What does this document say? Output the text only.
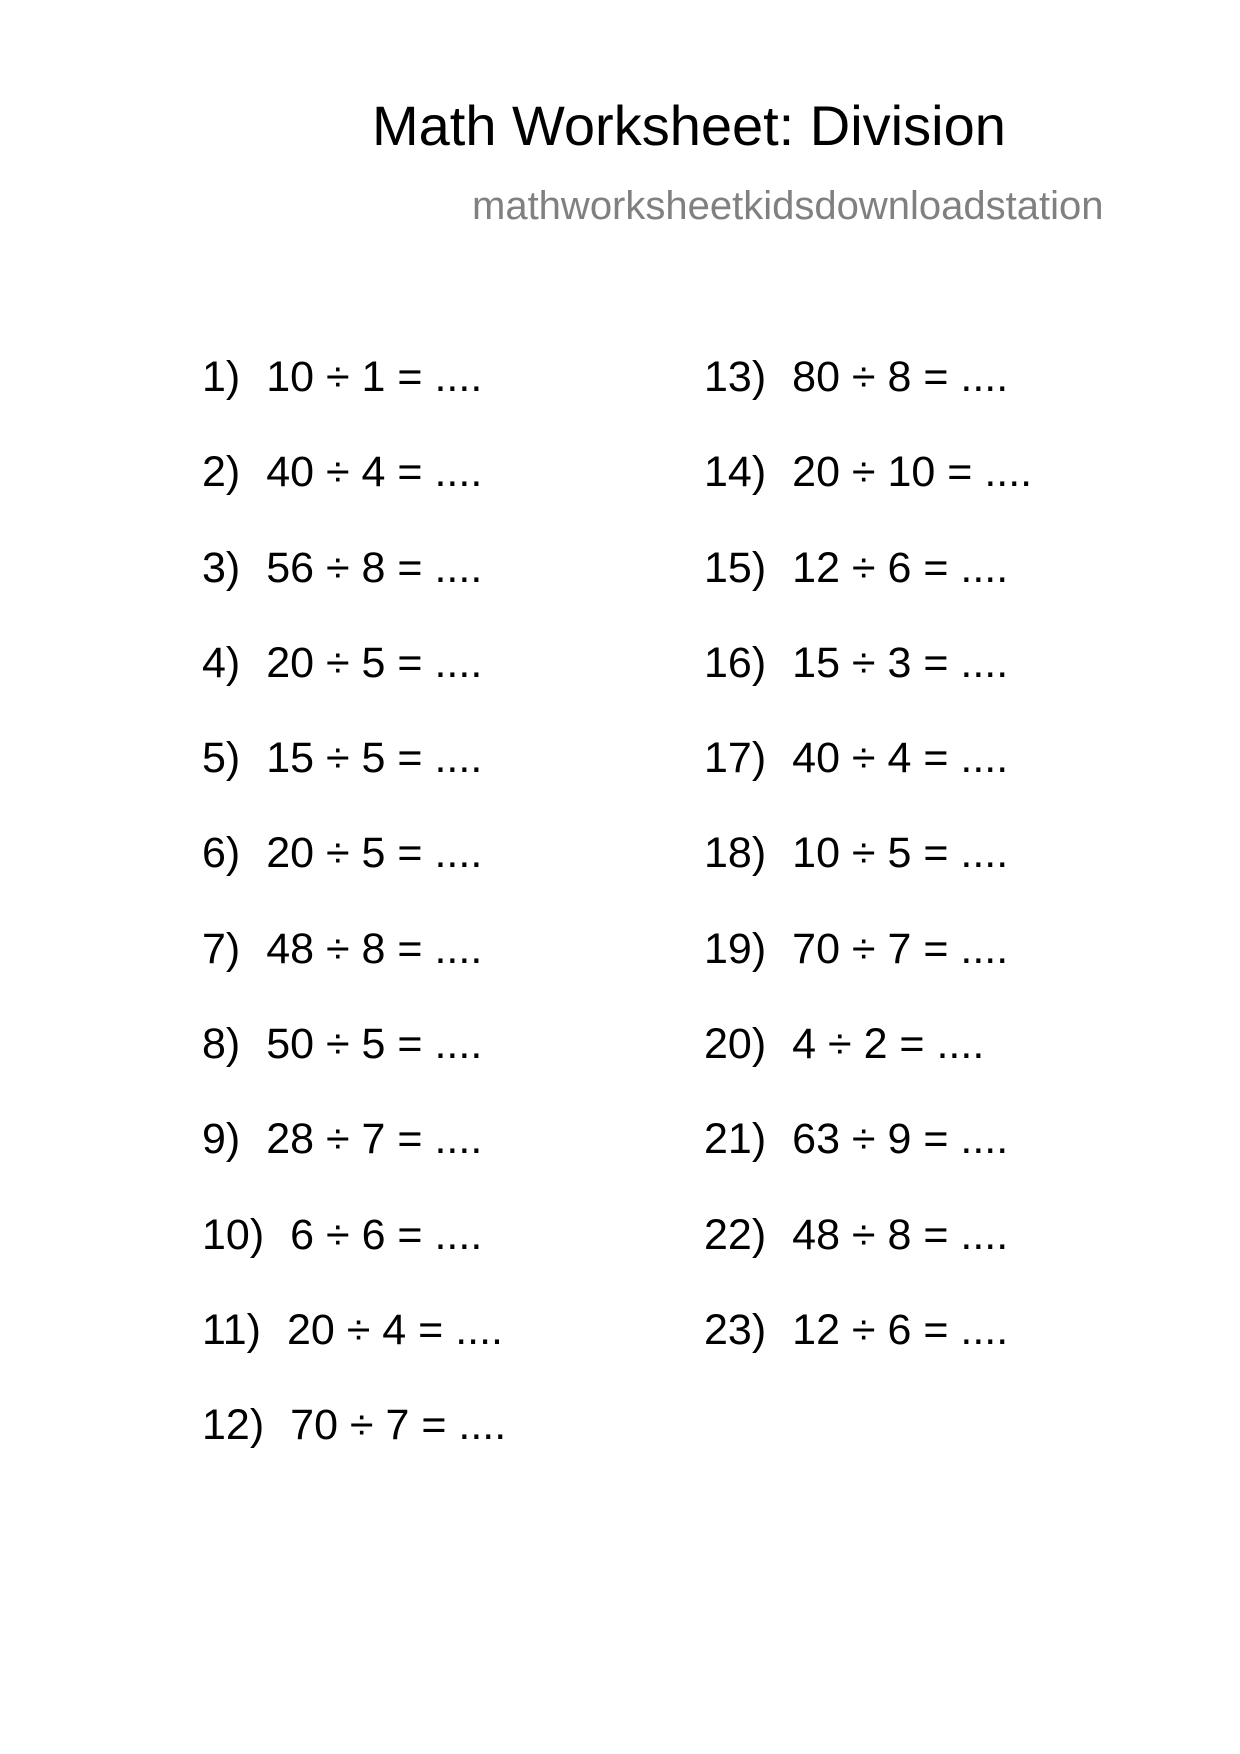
Math Worksheet: Division
mathworksheetkidsdownloadstation
1) 10 ÷ 1 = ....
2) 40 ÷ 4 = ....
3) 56 ÷ 8 = ....
4) 20 ÷ 5 = ....
5) 15 ÷ 5 = ....
6) 20 ÷ 5 = ....
7) 48 ÷ 8 = ....
8) 50 ÷ 5 = ....
9) 28 ÷ 7 = ....
10) 6 ÷ 6 = ....
11) 20 ÷ 4 = ....
12) 70 ÷ 7 = ....
13) 80 ÷ 8 = ....
14) 20 ÷ 10 = ....
15) 12 ÷ 6 = ....
16) 15 ÷ 3 = ....
17) 40 ÷ 4 = ....
18) 10 ÷ 5 = ....
19) 70 ÷ 7 = ....
20) 4 ÷ 2 = ....
21) 63 ÷ 9 = ....
22) 48 ÷ 8 = ....
23) 12 ÷ 6 = ....
